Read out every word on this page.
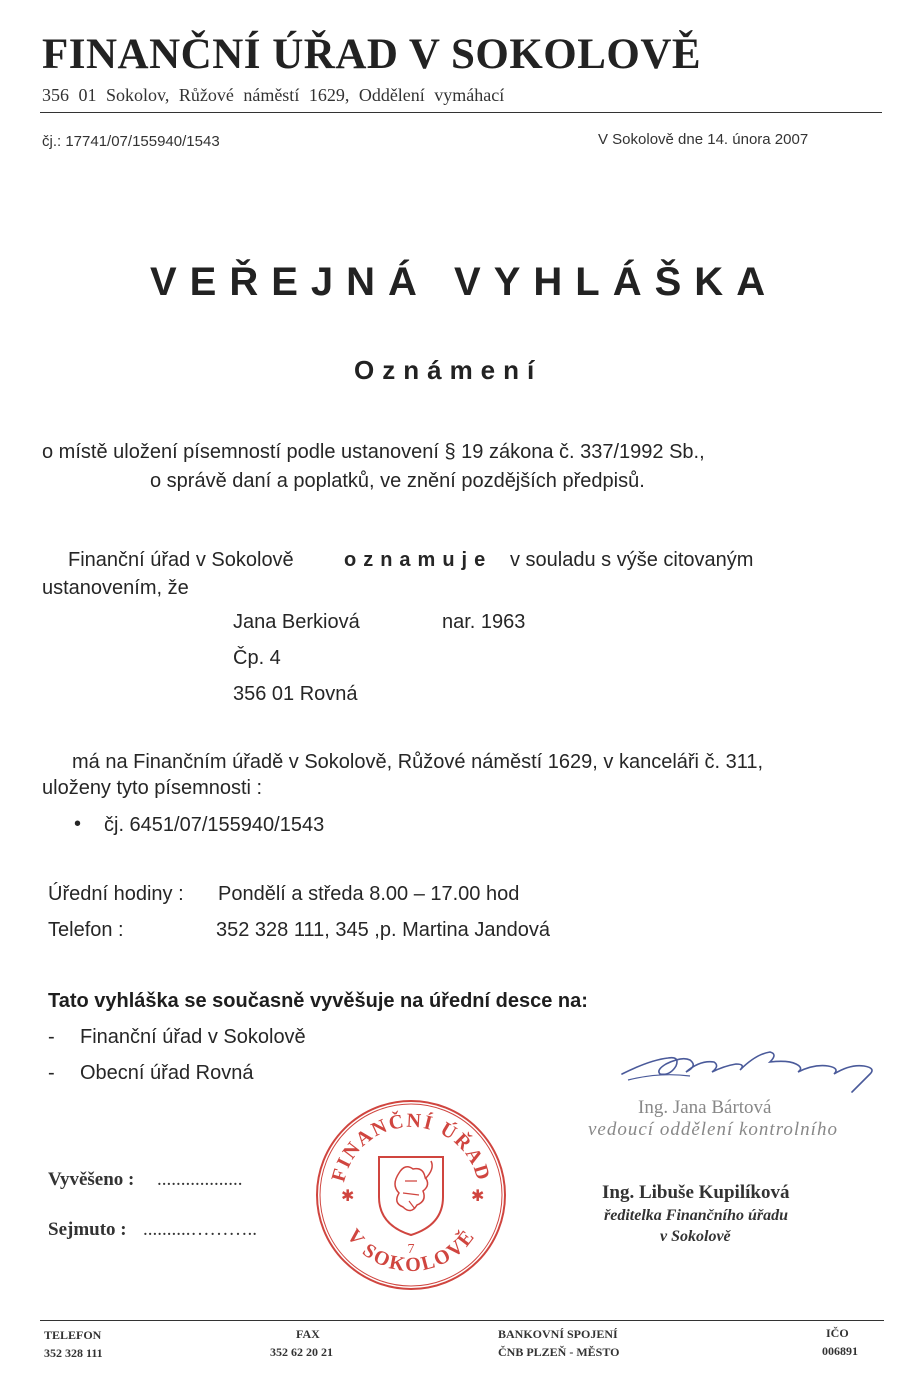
FINANČNÍ ÚŘAD V SOKOLOVĚ
356 01 Sokolov, Růžové náměstí 1629, Oddělení vymáhací
čj.: 17741/07/155940/1543	V Sokolově dne 14. února 2007
VEŘEJNÁ VYHLÁŠKA
Oznámení
o místě uložení písemností podle ustanovení § 19 zákona č. 337/1992 Sb.,
o správě daní a poplatků, ve znění pozdějších předpisů.
Finanční úřad v Sokolově	oznamuje v souladu s výše citovaným
ustanovením, že
Jana Berkiová	nar. 1963
Čp. 4
356 01 Rovná
má na Finančním úřadě v Sokolově, Růžové náměstí 1629, v kanceláři č. 311,
uloženy tyto písemnosti :
• čj. 6451/07/155940/1543
Úřední hodiny : Pondělí a středa 8.00 – 17.00 hod
Telefon :	352 328 111, 345 ,p. Martina Jandová
Tato vyhláška se současně vyvěšuje na úřední desce na:
- Finanční úřad v Sokolově
- Obecní úřad Rovná
Vyvěšeno : ..................
Sejmuto : ..........………..
FINANČNÍ ÚŘAD
V SOKOLOVĚ
✱	✱
7
Ing. Jana Bártová
vedoucí oddělení kontrolního
Ing. Libuše Kupilíková
ředitelka Finančního úřadu
v Sokolově
TELEFON
352 328 111
FAX
352 62 20 21
BANKOVNÍ SPOJENÍ
ČNB PLZEŇ - MĚSTO
IČO
006891
